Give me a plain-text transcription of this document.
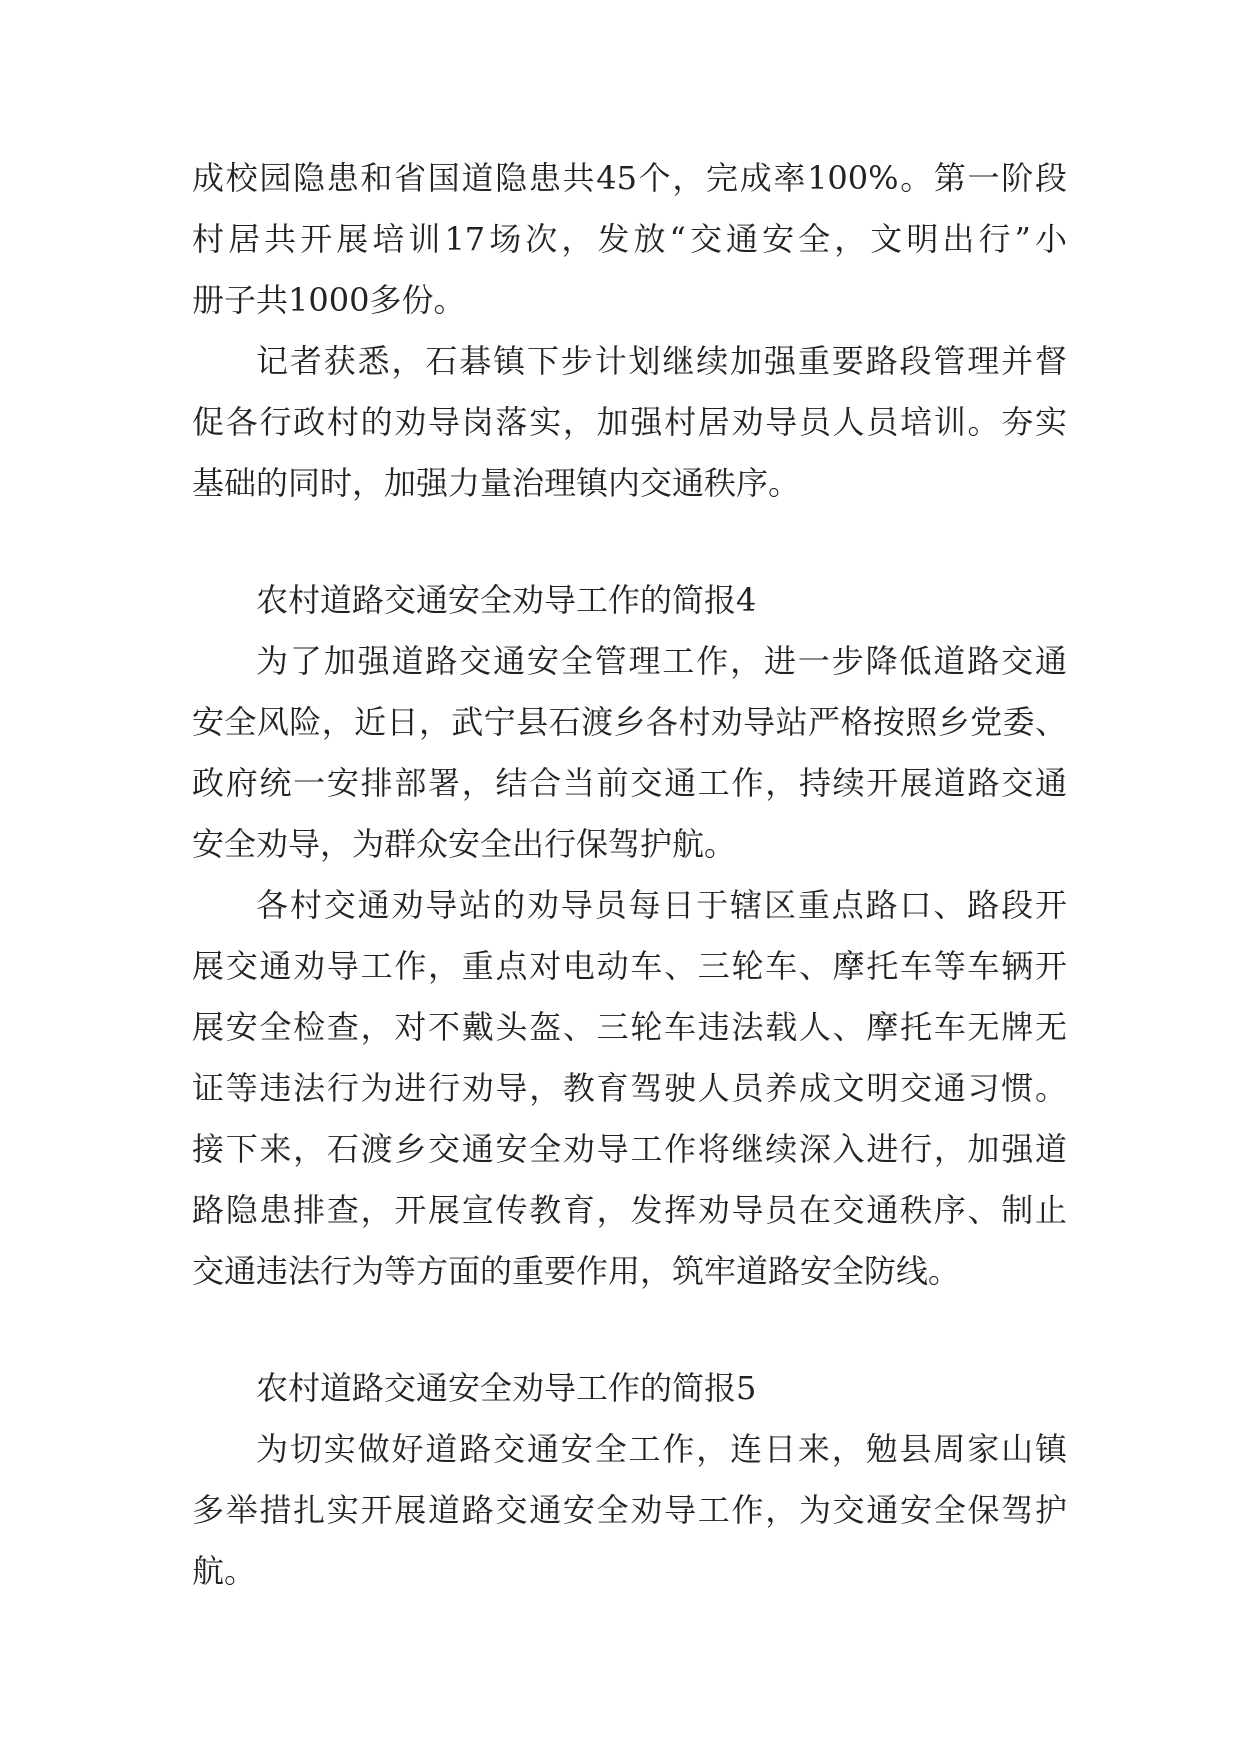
成校园隐患和省国道隐患共45个，完成率100%。第一阶段
村居共开展培训17场次，发放“交通安全，文明出行”小
册子共1000多份。
记者获悉，石碁镇下步计划继续加强重要路段管理并督
促各行政村的劝导岗落实，加强村居劝导员人员培训。夯实
基础的同时，加强力量治理镇内交通秩序。
农村道路交通安全劝导工作的简报4
为了加强道路交通安全管理工作，进一步降低道路交通
安全风险，近日，武宁县石渡乡各村劝导站严格按照乡党委、
政府统一安排部署，结合当前交通工作，持续开展道路交通
安全劝导，为群众安全出行保驾护航。
各村交通劝导站的劝导员每日于辖区重点路口、路段开
展交通劝导工作，重点对电动车、三轮车、摩托车等车辆开
展安全检查，对不戴头盔、三轮车违法载人、摩托车无牌无
证等违法行为进行劝导，教育驾驶人员养成文明交通习惯。
接下来，石渡乡交通安全劝导工作将继续深入进行，加强道
路隐患排查，开展宣传教育，发挥劝导员在交通秩序、制止
交通违法行为等方面的重要作用，筑牢道路安全防线。
农村道路交通安全劝导工作的简报5
为切实做好道路交通安全工作，连日来，勉县周家山镇
多举措扎实开展道路交通安全劝导工作，为交通安全保驾护
航。
